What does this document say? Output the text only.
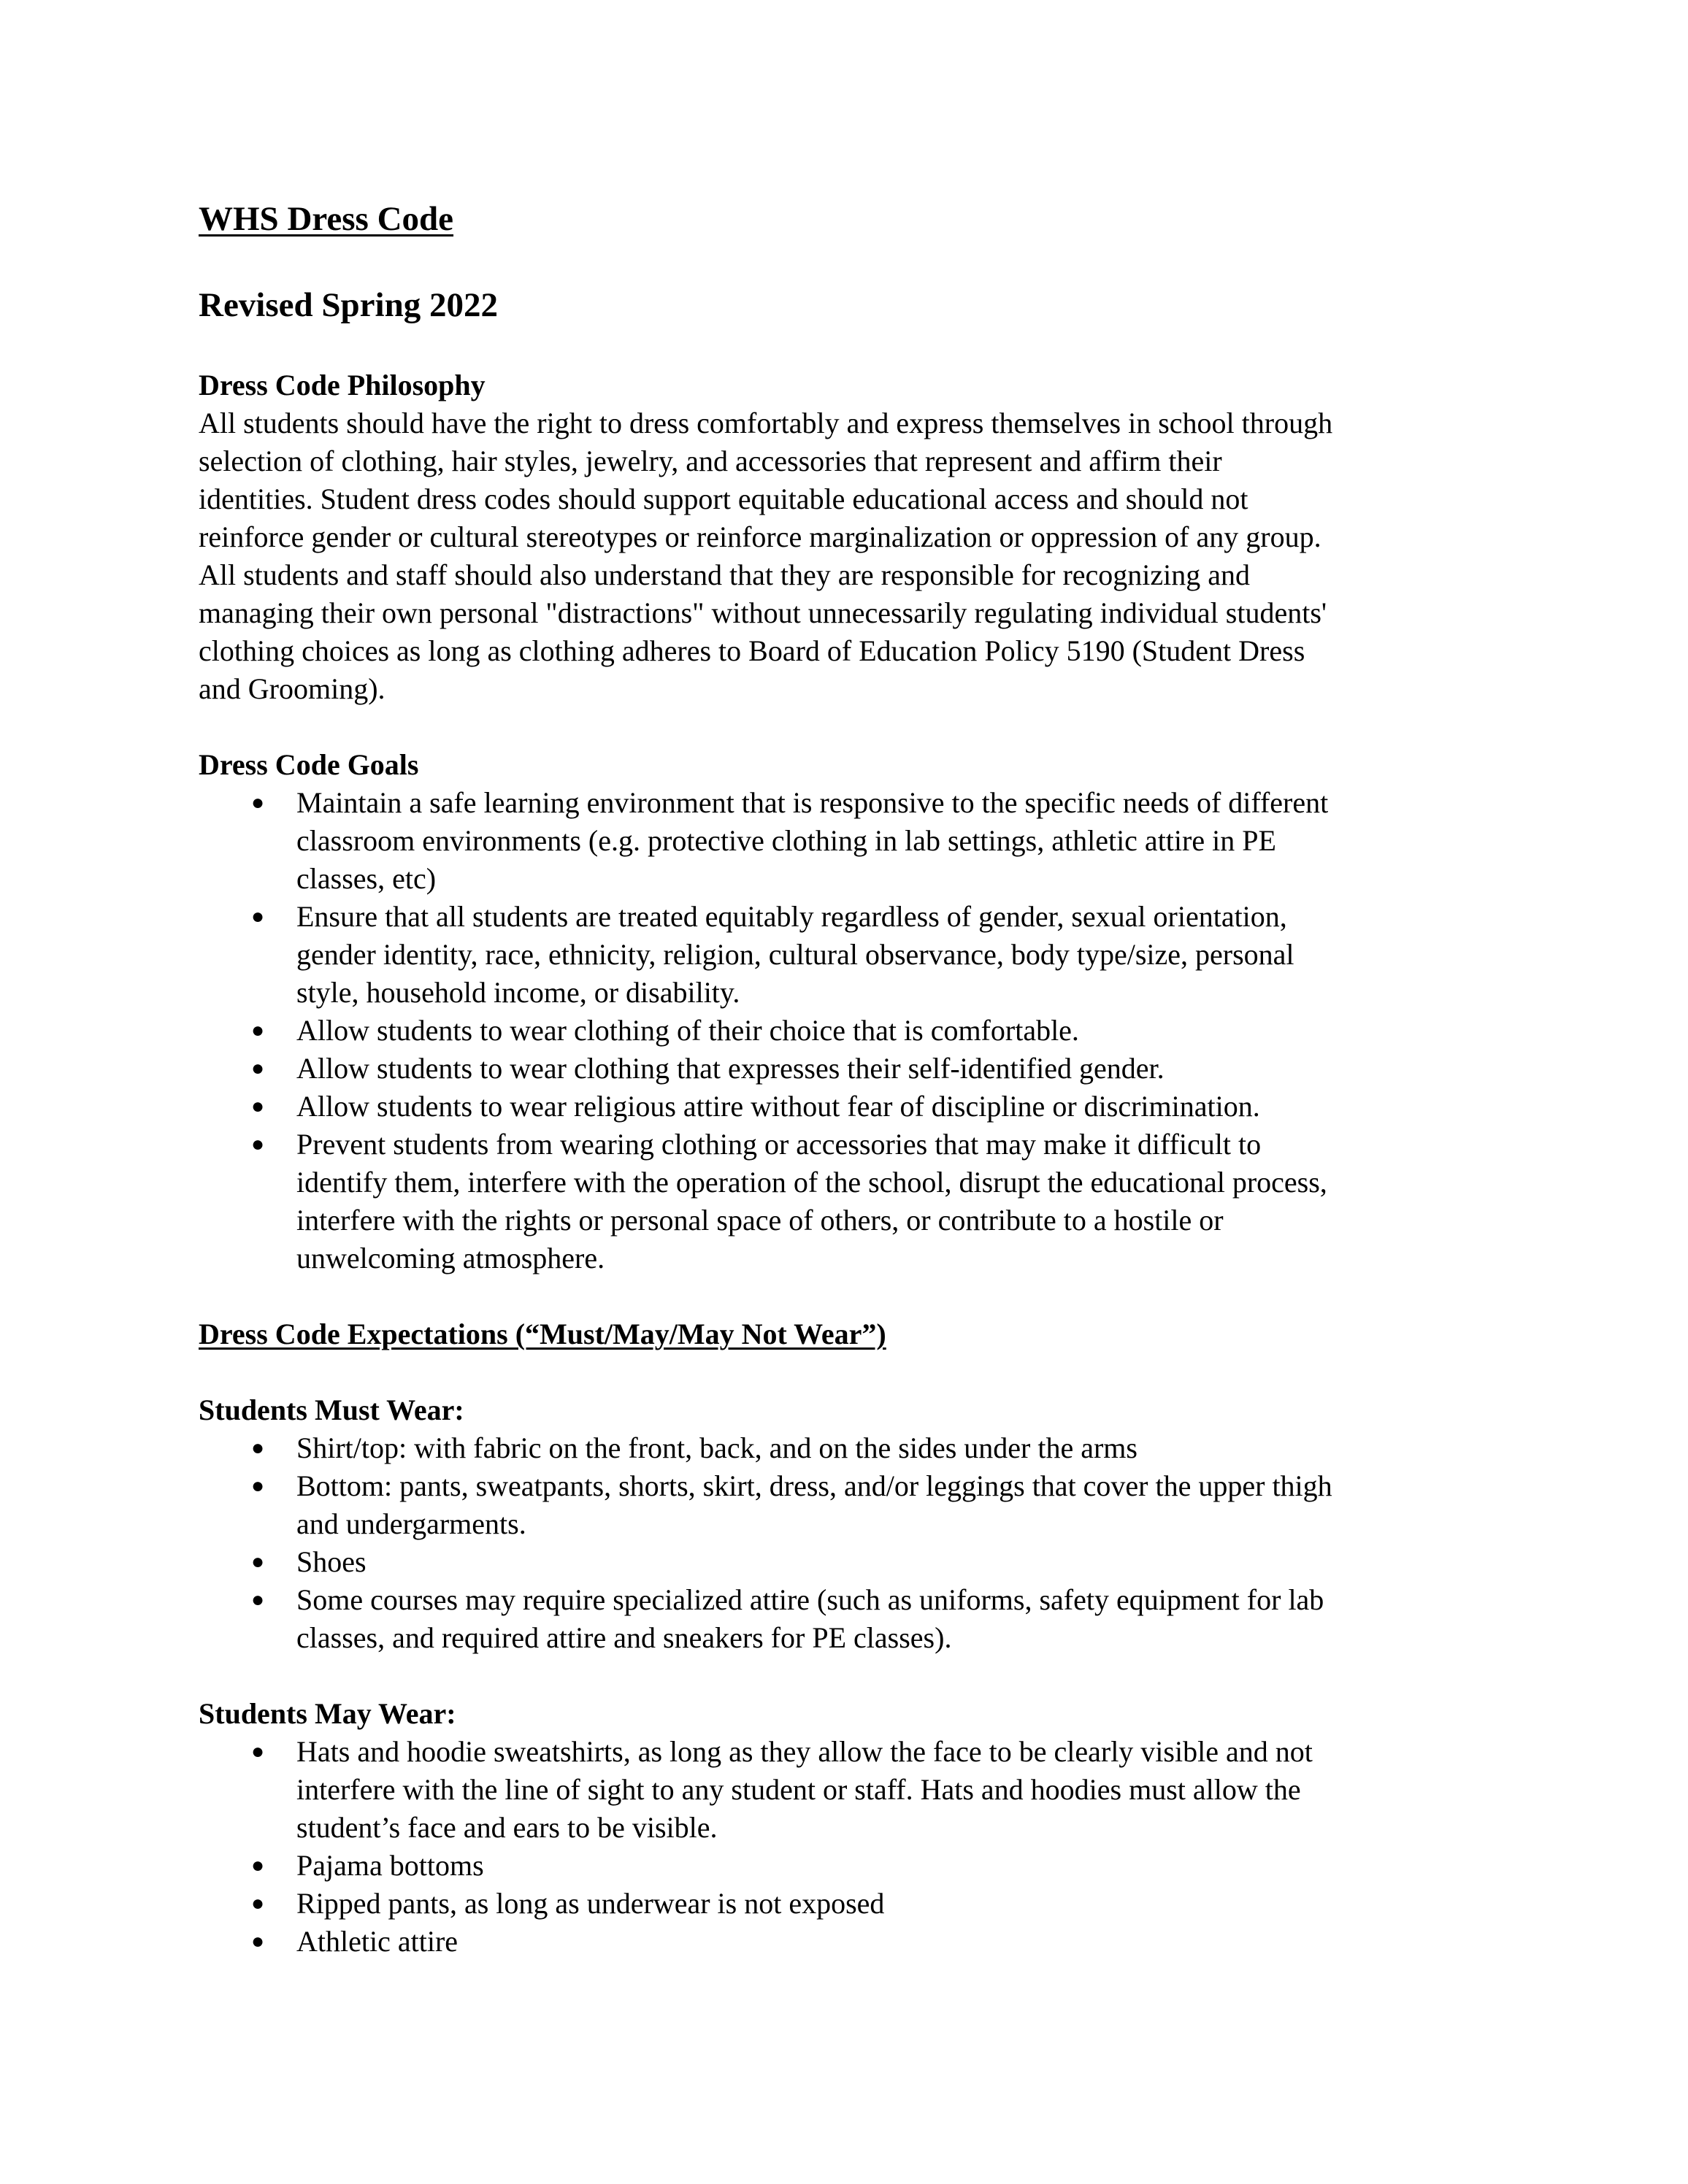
WHS Dress Code
Revised Spring 2022
Dress Code Philosophy
All students should have the right to dress comfortably and express themselves in school through
selection of clothing, hair styles, jewelry, and accessories that represent and affirm their
identities. Student dress codes should support equitable educational access and should not
reinforce gender or cultural stereotypes or reinforce marginalization or oppression of any group.
All students and staff should also understand that they are responsible for recognizing and
managing their own personal "distractions" without unnecessarily regulating individual students'
clothing choices as long as clothing adheres to Board of Education Policy 5190 (Student Dress
and Grooming).
Dress Code Goals
● Maintain a safe learning environment that is responsive to the specific needs of different
classroom environments (e.g. protective clothing in lab settings, athletic attire in PE
classes, etc)
● Ensure that all students are treated equitably regardless of gender, sexual orientation,
gender identity, race, ethnicity, religion, cultural observance, body type/size, personal
style, household income, or disability.
● Allow students to wear clothing of their choice that is comfortable.
● Allow students to wear clothing that expresses their self-identified gender.
● Allow students to wear religious attire without fear of discipline or discrimination.
● Prevent students from wearing clothing or accessories that may make it difficult to
identify them, interfere with the operation of the school, disrupt the educational process,
interfere with the rights or personal space of others, or contribute to a hostile or
unwelcoming atmosphere.
Dress Code Expectations (“Must/May/May Not Wear”)
Students Must Wear:
● Shirt/top: with fabric on the front, back, and on the sides under the arms
● Bottom: pants, sweatpants, shorts, skirt, dress, and/or leggings that cover the upper thigh
and undergarments.
● Shoes
● Some courses may require specialized attire (such as uniforms, safety equipment for lab
classes, and required attire and sneakers for PE classes).
Students May Wear:
● Hats and hoodie sweatshirts, as long as they allow the face to be clearly visible and not
interfere with the line of sight to any student or staff. Hats and hoodies must allow the
student’s face and ears to be visible.
● Pajama bottoms
● Ripped pants, as long as underwear is not exposed
● Athletic attire
